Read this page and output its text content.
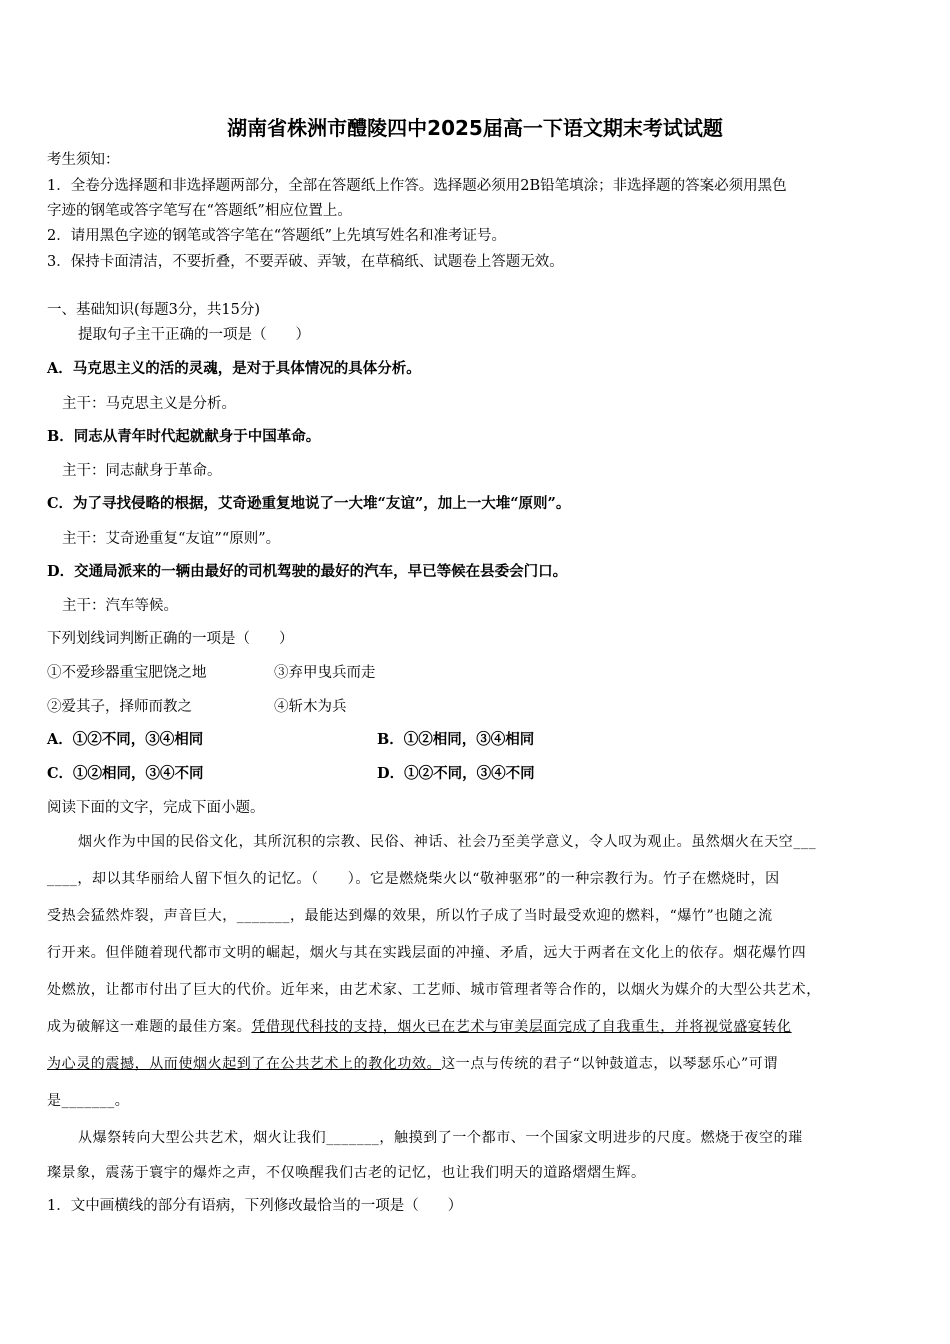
湖南省株洲市醴陵四中2025届高一下语文期末考试试题
考生须知：
1．全卷分选择题和非选择题两部分，全部在答题纸上作答。选择题必须用2B铅笔填涂；非选择题的答案必须用黑色
字迹的钢笔或答字笔写在“答题纸”相应位置上。
2．请用黑色字迹的钢笔或答字笔在“答题纸”上先填写姓名和准考证号。
3．保持卡面清洁，不要折叠，不要弄破、弄皱，在草稿纸、试题卷上答题无效。
一、基础知识(每题3分，共15分)
提取句子主干正确的一项是（　　）
A．马克思主义的活的灵魂，是对于具体情况的具体分析。
主干：马克思主义是分析。
B．同志从青年时代起就献身于中国革命。
主干：同志献身于革命。
C．为了寻找侵略的根据，艾奇逊重复地说了一大堆“友谊”，加上一大堆“原则”。
主干：艾奇逊重复“友谊”“原则”。
D．交通局派来的一辆由最好的司机驾驶的最好的汽车，早已等候在县委会门口。
主干：汽车等候。
下列划线词判断正确的一项是（　　）
①不爱珍器重宝肥饶之地	③弃甲曳兵而走
②爱其子，择师而教之	④斩木为兵
A．①②不同，③④相同	B．①②相同，③④相同
C．①②相同，③④不同	D．①②不同，③④不同
阅读下面的文字，完成下面小题。
烟火作为中国的民俗文化，其所沉积的宗教、民俗、神话、社会乃至美学意义，令人叹为观止。虽然烟火在天空___
____，却以其华丽给人留下恒久的记忆。（　　）。它是燃烧柴火以“敬神驱邪”的一种宗教行为。竹子在燃烧时，因
受热会猛然炸裂，声音巨大，_______，最能达到爆的效果，所以竹子成了当时最受欢迎的燃料，“爆竹”也随之流
行开来。但伴随着现代都市文明的崛起，烟火与其在实践层面的冲撞、矛盾，远大于两者在文化上的依存。烟花爆竹四
处燃放，让都市付出了巨大的代价。近年来，由艺术家、工艺师、城市管理者等合作的，以烟火为媒介的大型公共艺术，
成为破解这一难题的最佳方案。凭借现代科技的支持，烟火已在艺术与审美层面完成了自我重生，并将视觉盛宴转化
为心灵的震撼，从而使烟火起到了在公共艺术上的教化功效。这一点与传统的君子“以钟鼓道志，以琴瑟乐心”可谓
是_______。
从爆祭转向大型公共艺术，烟火让我们_______，触摸到了一个都市、一个国家文明进步的尺度。燃烧于夜空的璀
璨景象，震荡于寰宇的爆炸之声，不仅唤醒我们古老的记忆，也让我们明天的道路熠熠生辉。
1．文中画横线的部分有语病，下列修改最恰当的一项是（　　）
